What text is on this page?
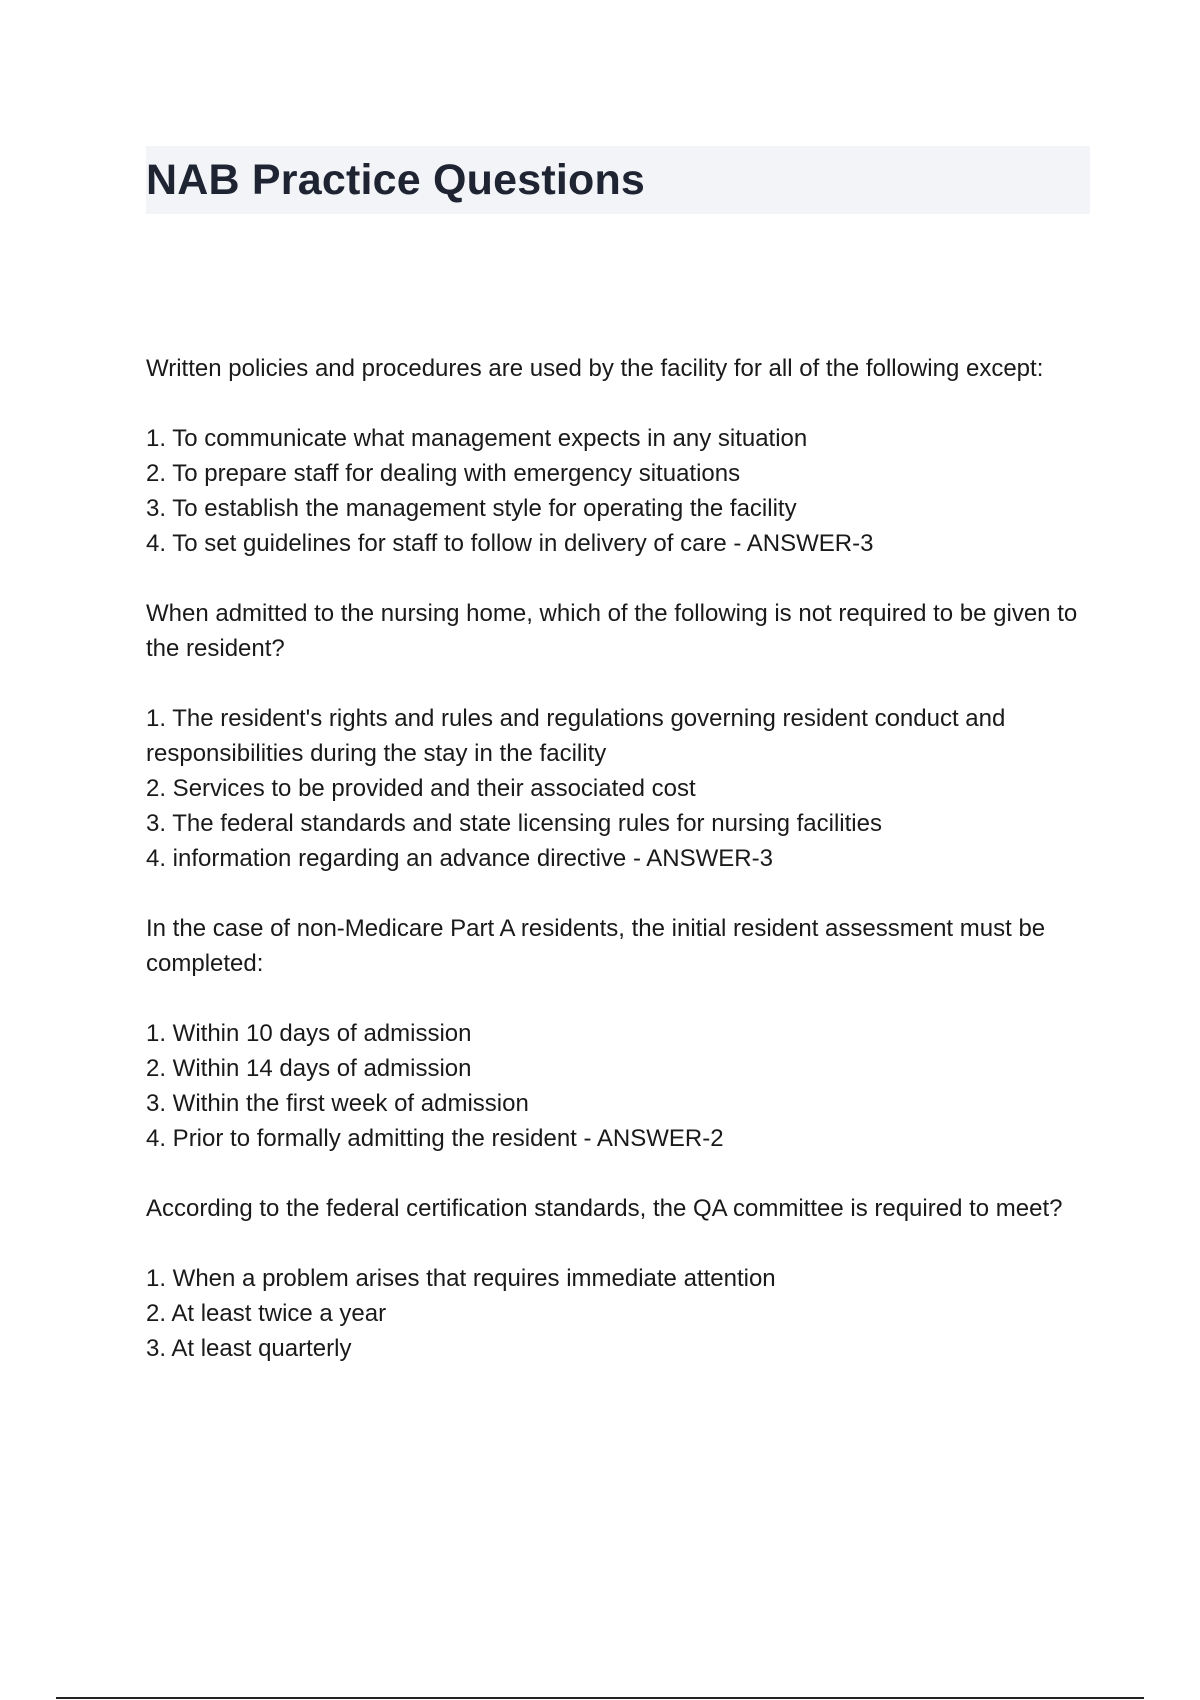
NAB Practice Questions

Written policies and procedures are used by the facility for all of the following except:

1. To communicate what management expects in any situation
2. To prepare staff for dealing with emergency situations
3. To establish the management style for operating the facility
4. To set guidelines for staff to follow in delivery of care - ANSWER-3

When admitted to the nursing home, which of the following is not required to be given to the resident?

1. The resident's rights and rules and regulations governing resident conduct and responsibilities during the stay in the facility
2. Services to be provided and their associated cost
3. The federal standards and state licensing rules for nursing facilities
4. information regarding an advance directive - ANSWER-3

In the case of non-Medicare Part A residents, the initial resident assessment must be completed:

1. Within 10 days of admission
2. Within 14 days of admission
3. Within the first week of admission
4. Prior to formally admitting the resident - ANSWER-2

According to the federal certification standards, the QA committee is required to meet?

1. When a problem arises that requires immediate attention
2. At least twice a year
3. At least quarterly
